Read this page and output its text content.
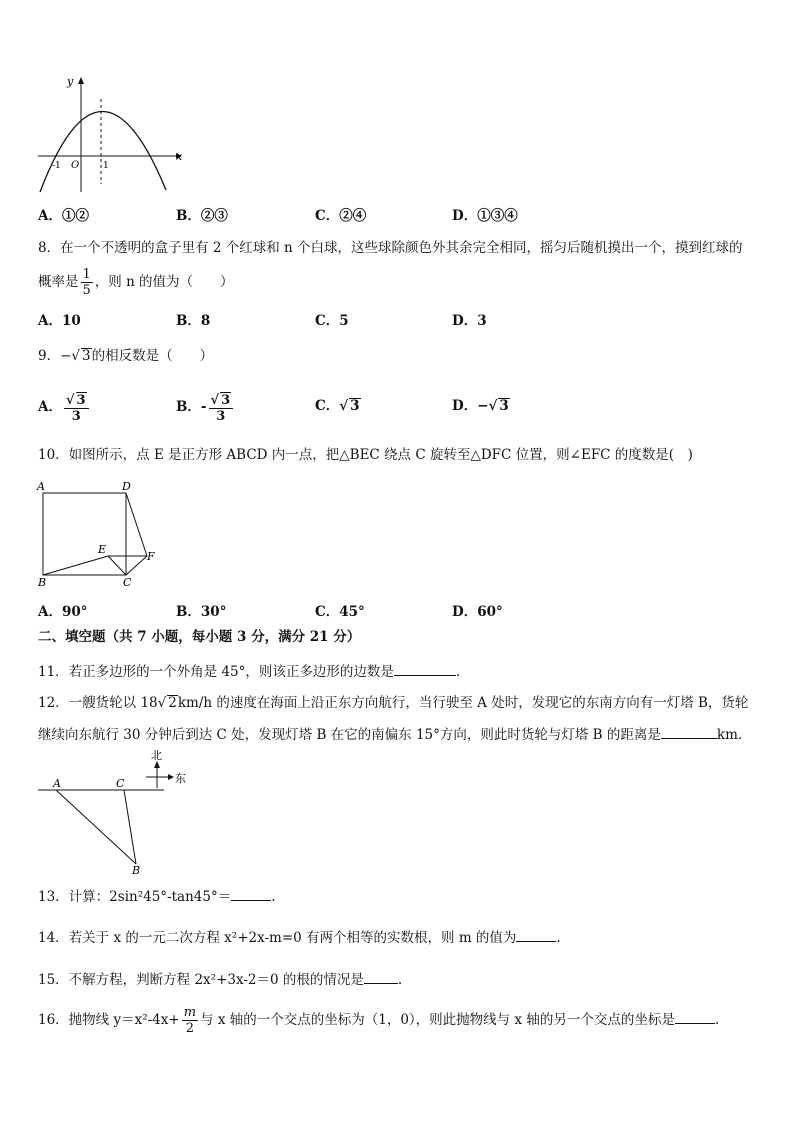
y
x
O
-1	1
A．①②	B．②③	C．②④	D．①③④
8．在一个不透明的盒子里有 2 个红球和 n 个白球，这些球除颜色外其余完全相同，摇匀后随机摸出一个，摸到红球的
概率是 $\frac{1}{5}$ ，则 n 的值为（　　）
A．10	B．8	C．5	D．3
9．−√ 3的相反数是（　　）
A． $\frac{√ 3}{3}$	B．- $\frac{√ 3}{3}$	C．√ 3	D．−√ 3
10．如图所示，点 E 是正方形 ABCD 内一点，把△BEC 绕点 C 旋转至△DFC 位置，则∠EFC 的度数是(　)
A	D
E
F
B	C
A．90°	B．30°	C．45°	D．60°
二、填空题（共 7 小题，每小题 3 分，满分 21 分）
11．若正多边形的一个外角是 45°，则该正多边形的边数是	.
12．一艘货轮以 18√ 2km/h 的速度在海面上沿正东方向航行，当行驶至 A 处时，发现它的东南方向有一灯塔 B，货轮
继续向东航行 30 分钟后到达 C 处，发现灯塔 B 在它的南偏东 15°方向，则此时货轮与灯塔 B 的距离是	km.
北
东
A	C
B
13．计算：2sin²45°-tan45°＝	.
14．若关于 x 的一元二次方程 x²+2x-m=0 有两个相等的实数根，则 m 的值为	.
15．不解方程，判断方程 2x²+3x-2＝0 的根的情况是	.
16．抛物线 $y=x^2-4x+ \frac{m}{2}$ 与 x 轴的一个交点的坐标为（1，0），则此抛物线与 x 轴的另一个交点的坐标是	.
